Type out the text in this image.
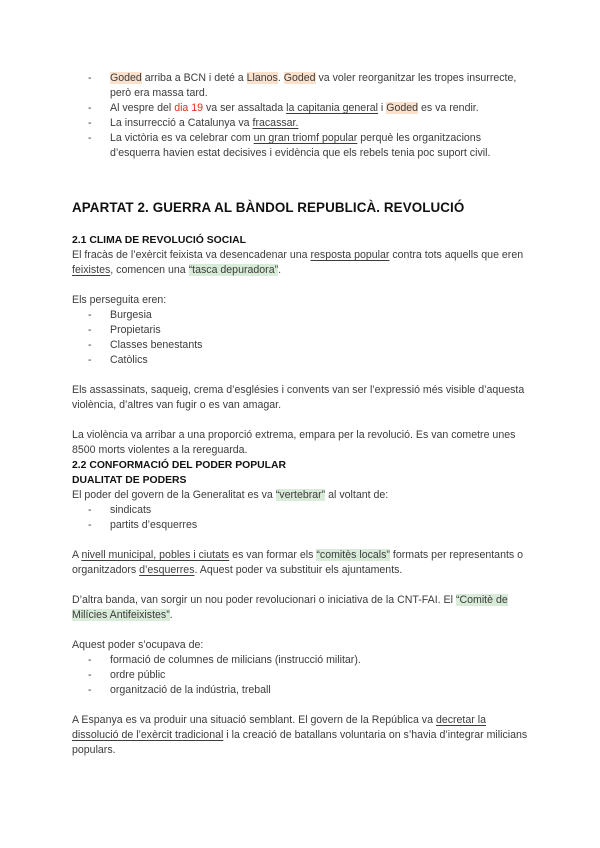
- Goded arriba a BCN i deté a Llanos. Goded va voler reorganitzar les tropes insurrecte, però era massa tard.
- Al vespre del dia 19 va ser assaltada la capitania general i Goded es va rendir.
- La insurrecció a Catalunya va fracassar.
- La victòria es va celebrar com un gran triomf popular perquè les organitzacions d’esquerra havien estat decisives i evidència que els rebels tenia poc suport civil.
APARTAT 2. GUERRA AL BÀNDOL REPUBLICÀ. REVOLUCIÓ
2.1 CLIMA DE REVOLUCIÓ SOCIAL
El fracàs de l’exèrcit feixista va desencadenar una resposta popular contra tots aquells que eren feixistes, comencen una “tasca depuradora”.
Els perseguita eren:
- Burgesia
- Propietaris
- Classes benestants
- Catòlics
Els assassinats, saqueig, crema d’esglésies i convents van ser l’expressió més visible d’aquesta violència, d’altres van fugir o es van amagar.
La violència va arribar a una proporció extrema, empara per la revolució. Es van cometre unes 8500 morts violentes a la rereguarda.
2.2 CONFORMACIÓ DEL PODER POPULAR
DUALITAT DE PODERS
El poder del govern de la Generalitat es va “vertebrar” al voltant de:
- sindicats
- partits d’esquerres
A nivell municipal, pobles i ciutats es van formar els “comitès locals” formats per representants o organitzadors d’esquerres. Aquest poder va substituir els ajuntaments.
D’altra banda, van sorgir un nou poder revolucionari o iniciativa de la CNT-FAI. El “Comitè de Milícies Antifeixistes”.
Aquest poder s’ocupava de:
- formació de columnes de milicians (instrucció militar).
- ordre públic
- organització de la indústria, treball
A Espanya es va produir una situació semblant. El govern de la República va decretar la dissolució de l’exèrcit tradicional i la creació de batallans voluntaria on s’havia d’integrar milicians populars.
